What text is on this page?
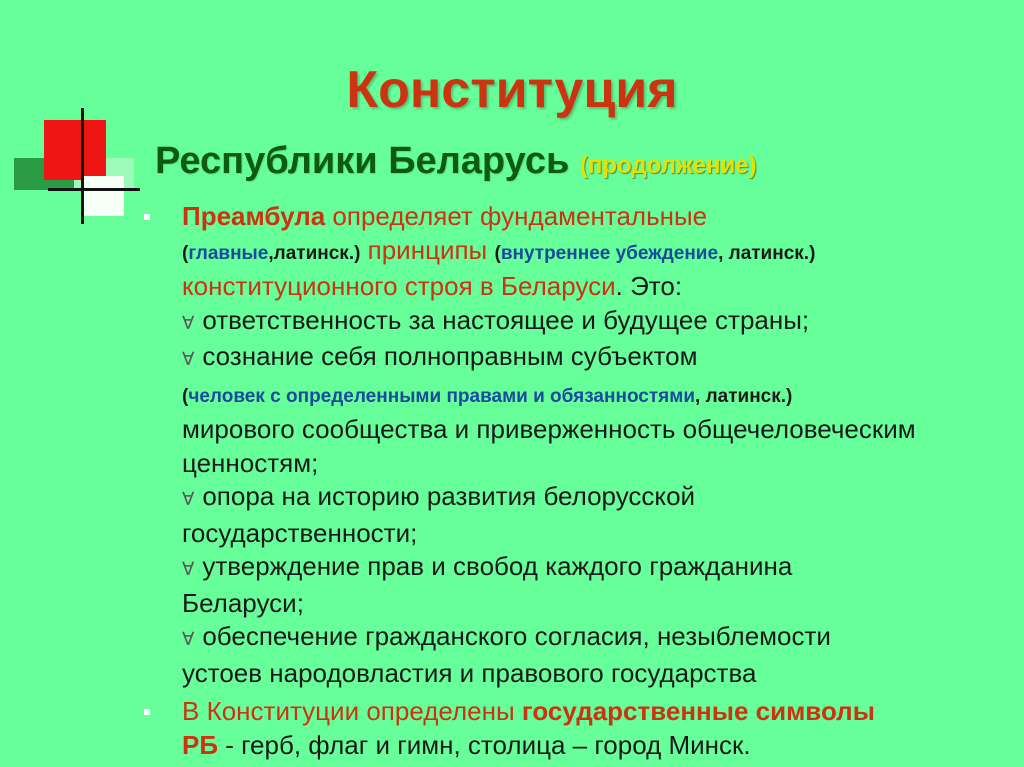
Конституция
Республики Беларусь (продолжение)
Преамбула определяет фундаментальные
(главные,латинск.) принципы (внутреннее убеждение, латинск.)
конституционного строя в Беларуси. Это:
∀ ответственность за настоящее и будущее страны;
∀ сознание себя полноправным субъектом
(человек с определенными правами и обязанностями, латинск.)
мирового сообщества и приверженность общечеловеческим
ценностям;
∀ опора на историю развития белорусской
государственности;
∀ утверждение прав и свобод каждого гражданина
Беларуси;
∀ обеспечение гражданского согласия, незыблемости
устоев народовластия и правового государства
В Конституции определены государственные символы
РБ - герб, флаг и гимн, столица – город Минск.
